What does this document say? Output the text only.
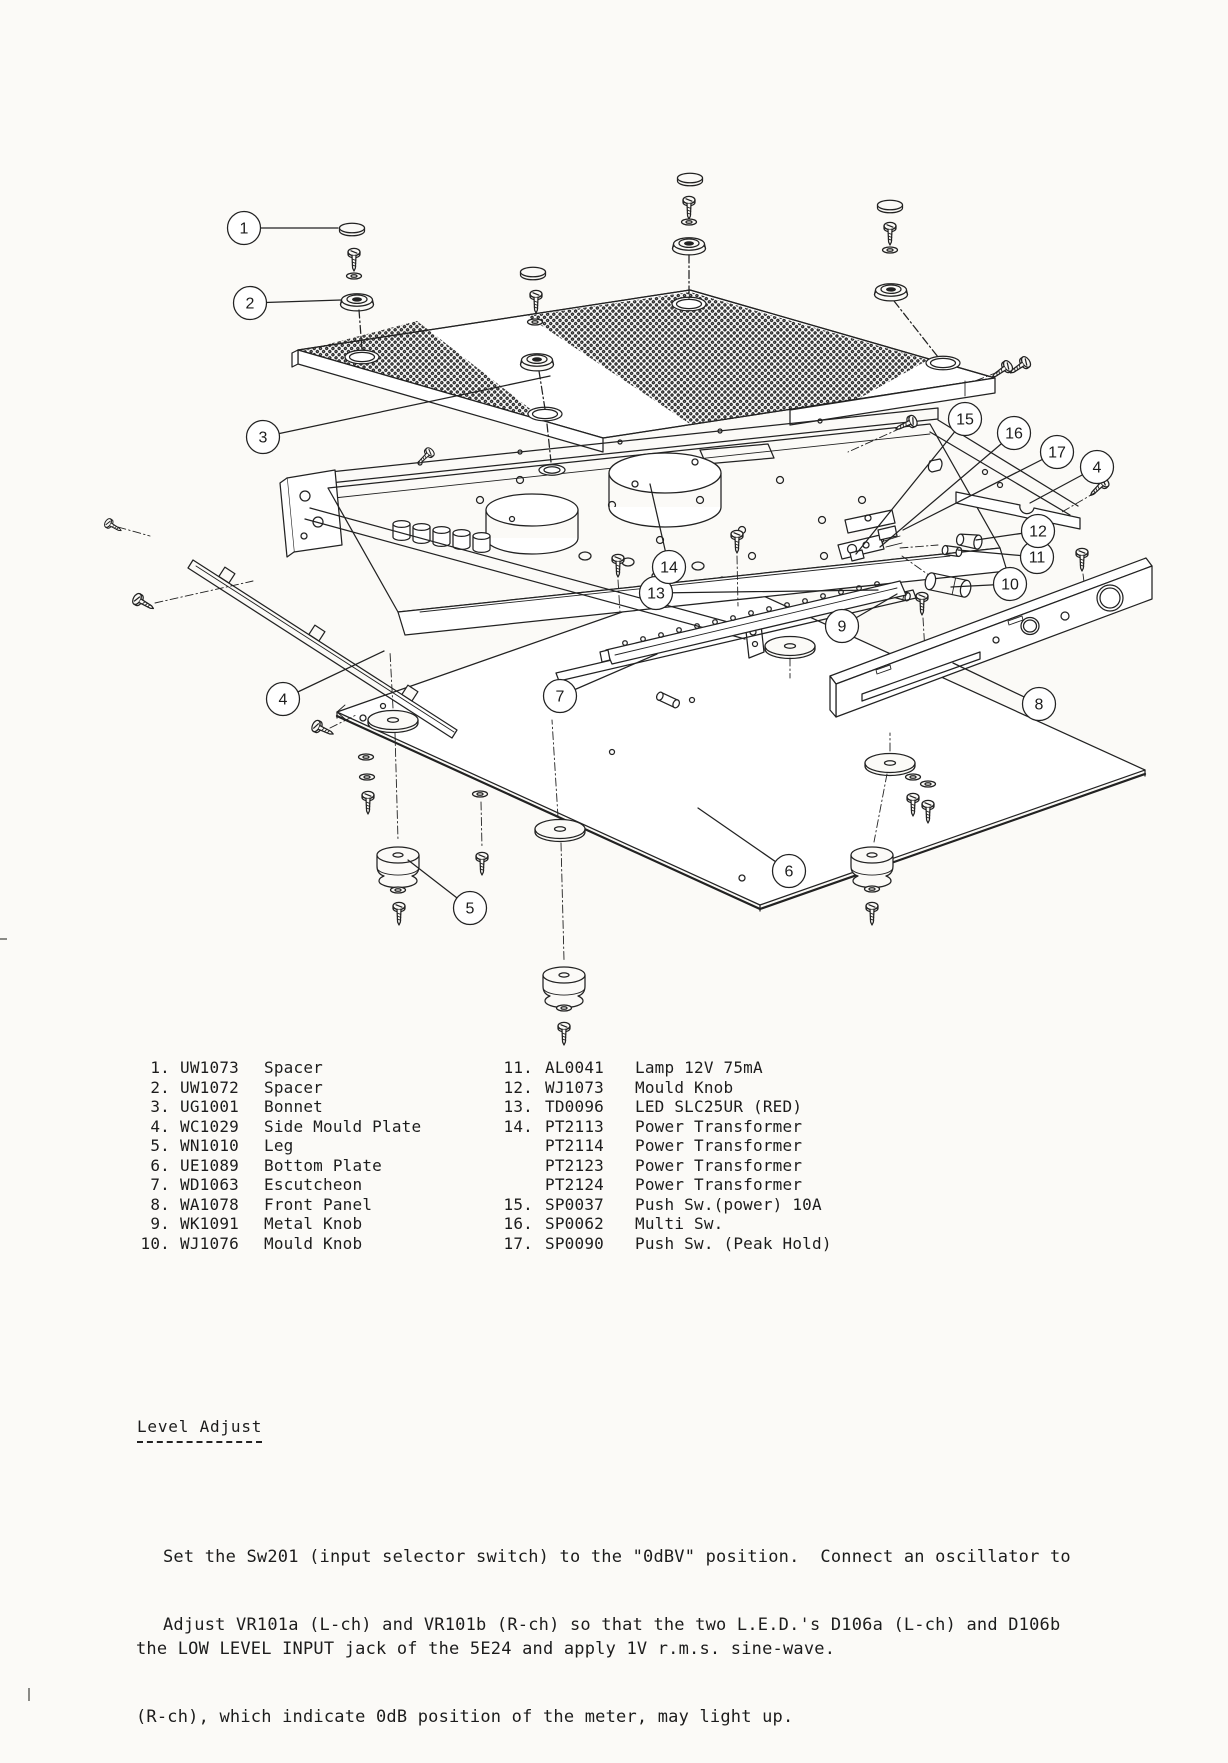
1
2
3
4
5
6
7	8
9
10
11
12
13
14
15
16
17
4
1. UW1073	Spacer
2. UW1072	Spacer
3. UG1001	Bonnet
4. WC1029	Side Mould Plate
5. WN1010	Leg
6. UE1089	Bottom Plate
7. WD1063	Escutcheon
8. WA1078	Front Panel
9. WK1091	Metal Knob
10. WJ1076	Mould Knob
11. AL0041	Lamp 12V 75mA
12. WJ1073	Mould Knob
13. TD0096	LED SLC25UR (RED)
14. PT2113	Power Transformer
PT2114	Power Transformer
PT2123	Power Transformer
PT2124	Power Transformer
15. SP0037	Push Sw.(power) 10A
16. SP0062	Multi Sw.
17. SP0090	Push Sw. (Peak Hold)
Level Adjust

Set the Sw201 (input selector switch) to the "0dBV" position.  Connect an oscillator to

the LOW LEVEL INPUT jack of the 5E24 and apply 1V r.m.s. sine-wave.

Adjust VR101a (L-ch) and VR101b (R-ch) so that the two L.E.D.'s D106a (L-ch) and D106b

(R-ch), which indicate 0dB position of the meter, may light up.
